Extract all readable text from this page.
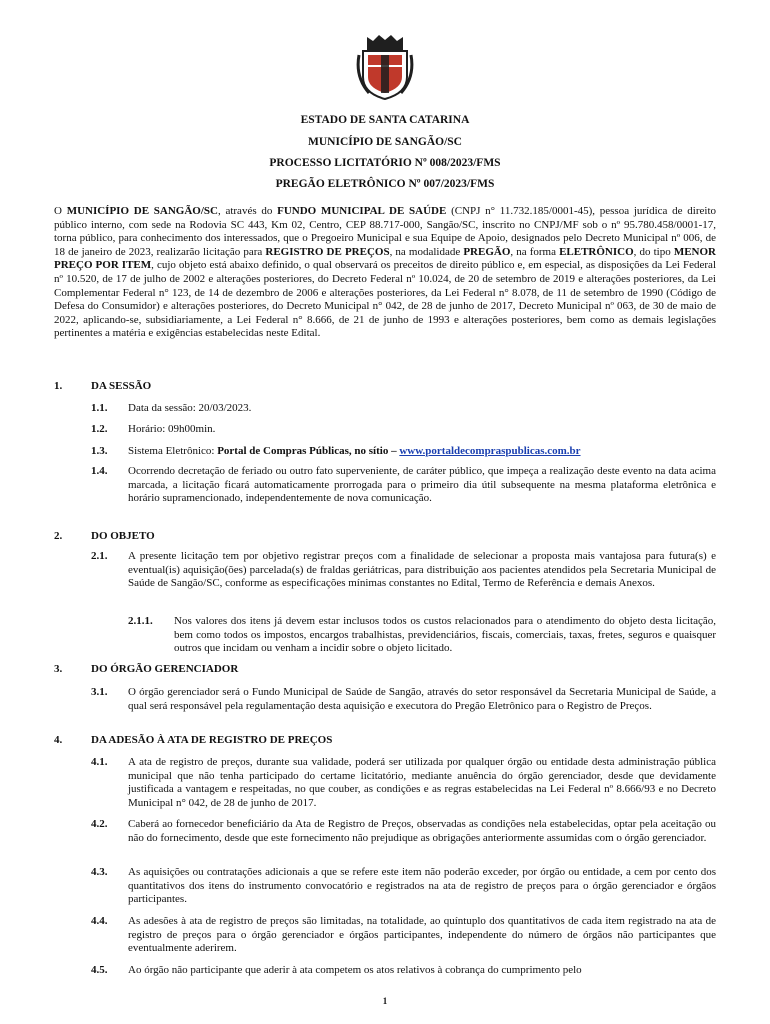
ESTADO DE SANTA CATARINA
MUNICÍPIO DE SANGÃO/SC
PROCESSO LICITATÓRIO Nº 008/2023/FMS
PREGÃO ELETRÔNICO Nº 007/2023/FMS
O MUNICÍPIO DE SANGÃO/SC, através do FUNDO MUNICIPAL DE SAÚDE (CNPJ n° 11.732.185/0001-45), pessoa jurídica de direito público interno, com sede na Rodovia SC 443, Km 02, Centro, CEP 88.717-000, Sangão/SC, inscrito no CNPJ/MF sob o nº 95.780.458/0001-17, torna público, para conhecimento dos interessados, que o Pregoeiro Municipal e sua Equipe de Apoio, designados pelo Decreto Municipal nº 006, de 18 de janeiro de 2023, realizarão licitação para REGISTRO DE PREÇOS, na modalidade PREGÃO, na forma ELETRÔNICO, do tipo MENOR PREÇO POR ITEM, cujo objeto está abaixo definido, o qual observará os preceitos de direito público e, em especial, as disposições da Lei Federal nº 10.520, de 17 de julho de 2002 e alterações posteriores, do Decreto Federal nº 10.024, de 20 de setembro de 2019 e alterações posteriores, da Lei Complementar Federal n° 123, de 14 de dezembro de 2006 e alterações posteriores, da Lei Federal n° 8.078, de 11 de setembro de 1990 (Código de Defesa do Consumidor) e alterações posteriores, do Decreto Municipal n° 042, de 28 de junho de 2017, Decreto Municipal nº 063, de 30 de maio de 2022, aplicando-se, subsidiariamente, a Lei Federal n° 8.666, de 21 de junho de 1993 e alterações posteriores, bem como as demais legislações pertinentes a matéria e exigências estabelecidas neste Edital.
1.	DA SESSÃO
1.1. Data da sessão: 20/03/2023.
1.2. Horário: 09h00min.
1.3. Sistema Eletrônico: Portal de Compras Públicas, no sítio – www.portaldecompraspublicas.com.br
1.4. Ocorrendo decretação de feriado ou outro fato superveniente, de caráter público, que impeça a realização deste evento na data acima marcada, a licitação ficará automaticamente prorrogada para o primeiro dia útil subsequente na mesma plataforma eletrônica e horário supramencionado, independentemente de nova comunicação.
2.	DO OBJETO
2.1. A presente licitação tem por objetivo registrar preços com a finalidade de selecionar a proposta mais vantajosa para futura(s) e eventual(is) aquisição(ões) parcelada(s) de fraldas geriátricas, para distribuição aos pacientes atendidos pela Secretaria Municipal de Saúde de Sangão/SC, conforme as especificações mínimas constantes no Edital, Termo de Referência e demais Anexos.
2.1.1. Nos valores dos itens já devem estar inclusos todos os custos relacionados para o atendimento do objeto desta licitação, bem como todos os impostos, encargos trabalhistas, previdenciários, fiscais, comerciais, taxas, fretes, seguros e quaisquer outros que incidam ou venham a incidir sobre o objeto licitado.
3.	DO ÓRGÃO GERENCIADOR
3.1. O órgão gerenciador será o Fundo Municipal de Saúde de Sangão, através do setor responsável da Secretaria Municipal de Saúde, a qual será responsável pela regulamentação desta aquisição e executora do Pregão Eletrônico para o Registro de Preços.
4.	DA ADESÃO À ATA DE REGISTRO DE PREÇOS
4.1. A ata de registro de preços, durante sua validade, poderá ser utilizada por qualquer órgão ou entidade desta administração pública municipal que não tenha participado do certame licitatório, mediante anuência do órgão gerenciador, desde que devidamente justificada a vantagem e respeitadas, no que couber, as condições e as regras estabelecidas na Lei Federal nº 8.666/93 e no Decreto Municipal n° 042, de 28 de junho de 2017.
4.2. Caberá ao fornecedor beneficiário da Ata de Registro de Preços, observadas as condições nela estabelecidas, optar pela aceitação ou não do fornecimento, desde que este fornecimento não prejudique as obrigações anteriormente assumidas com o órgão gerenciador.
4.3. As aquisições ou contratações adicionais a que se refere este item não poderão exceder, por órgão ou entidade, a cem por cento dos quantitativos dos itens do instrumento convocatório e registrados na ata de registro de preços para o órgão gerenciador e órgãos participantes.
4.4. As adesões à ata de registro de preços são limitadas, na totalidade, ao quíntuplo dos quantitativos de cada item registrado na ata de registro de preços para o órgão gerenciador e órgãos participantes, independente do número de órgãos não participantes que eventualmente aderirem.
4.5. Ao órgão não participante que aderir à ata competem os atos relativos à cobrança do cumprimento pelo
1
